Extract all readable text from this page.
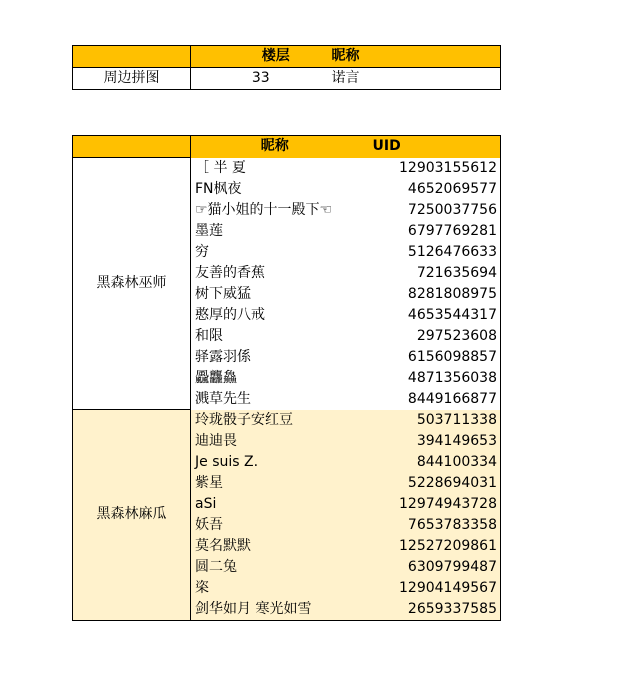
	楼层	昵称
周边拼图	33	诺言
	昵称	UID
黑森林巫师	［ 半 夏	12903155612
	FN枫夜	4652069577
	☞猫小姐的十一殿下☜	7250037756
	墨莲	6797769281
	穷	5126476633
	友善的香蕉	721635694
	树下威猛	8281808975
	憨厚的八戒	4653544317
	和限	297523608
	驿露羽係	6156098857
	飍龘鱻	4871356038
	溅草先生	8449166877
黑森林麻瓜	玲珑骰子安红豆	503711338
	迪迪畏	394149653
	Je suis Z.	844100334
	紫星	5228694031
	aSi	12974943728
	妖吾	7653783358
	莫名默默	12527209861
	圆二兔	6309799487
	栥	12904149567
	剑华如月 寒光如雪	2659337585
